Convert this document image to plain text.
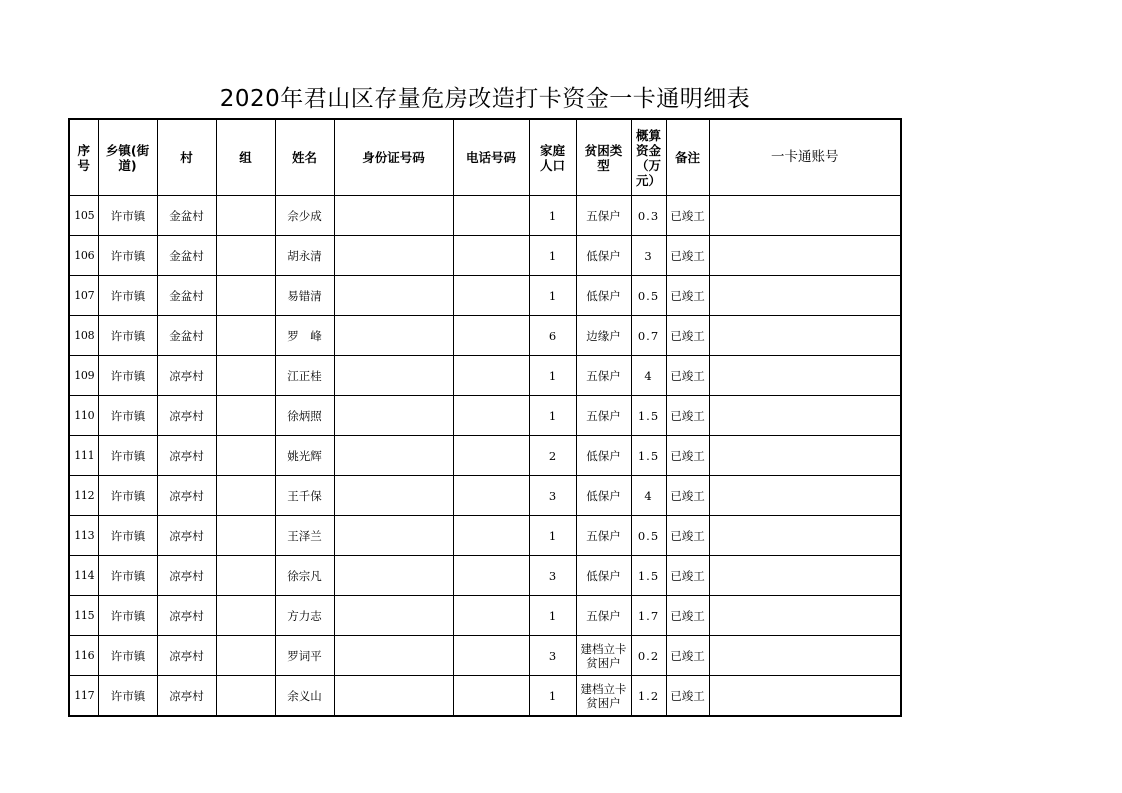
2020年君山区存量危房改造打卡资金一卡通明细表
序号	乡镇(街道)	村	组	姓名	身份证号码	电话号码	家庭人口	贫困类型	概算资金（万元）	备注	一卡通账号
105	许市镇	金盆村		佘少成			1	五保户	0.3	已竣工	
106	许市镇	金盆村		胡永清			1	低保户	3	已竣工	
107	许市镇	金盆村		易错清			1	低保户	0.5	已竣工	
108	许市镇	金盆村		罗　峰			6	边缘户	0.7	已竣工	
109	许市镇	凉亭村		江正桂			1	五保户	4	已竣工	
110	许市镇	凉亭村		徐炳照			1	五保户	1.5	已竣工	
111	许市镇	凉亭村		姚光辉			2	低保户	1.5	已竣工	
112	许市镇	凉亭村		王千保			3	低保户	4	已竣工	
113	许市镇	凉亭村		王泽兰			1	五保户	0.5	已竣工	
114	许市镇	凉亭村		徐宗凡			3	低保户	1.5	已竣工	
115	许市镇	凉亭村		方力志			1	五保户	1.7	已竣工	
116	许市镇	凉亭村		罗词平			3	建档立卡贫困户	0.2	已竣工	
117	许市镇	凉亭村		余义山			1	建档立卡贫困户	1.2	已竣工	
